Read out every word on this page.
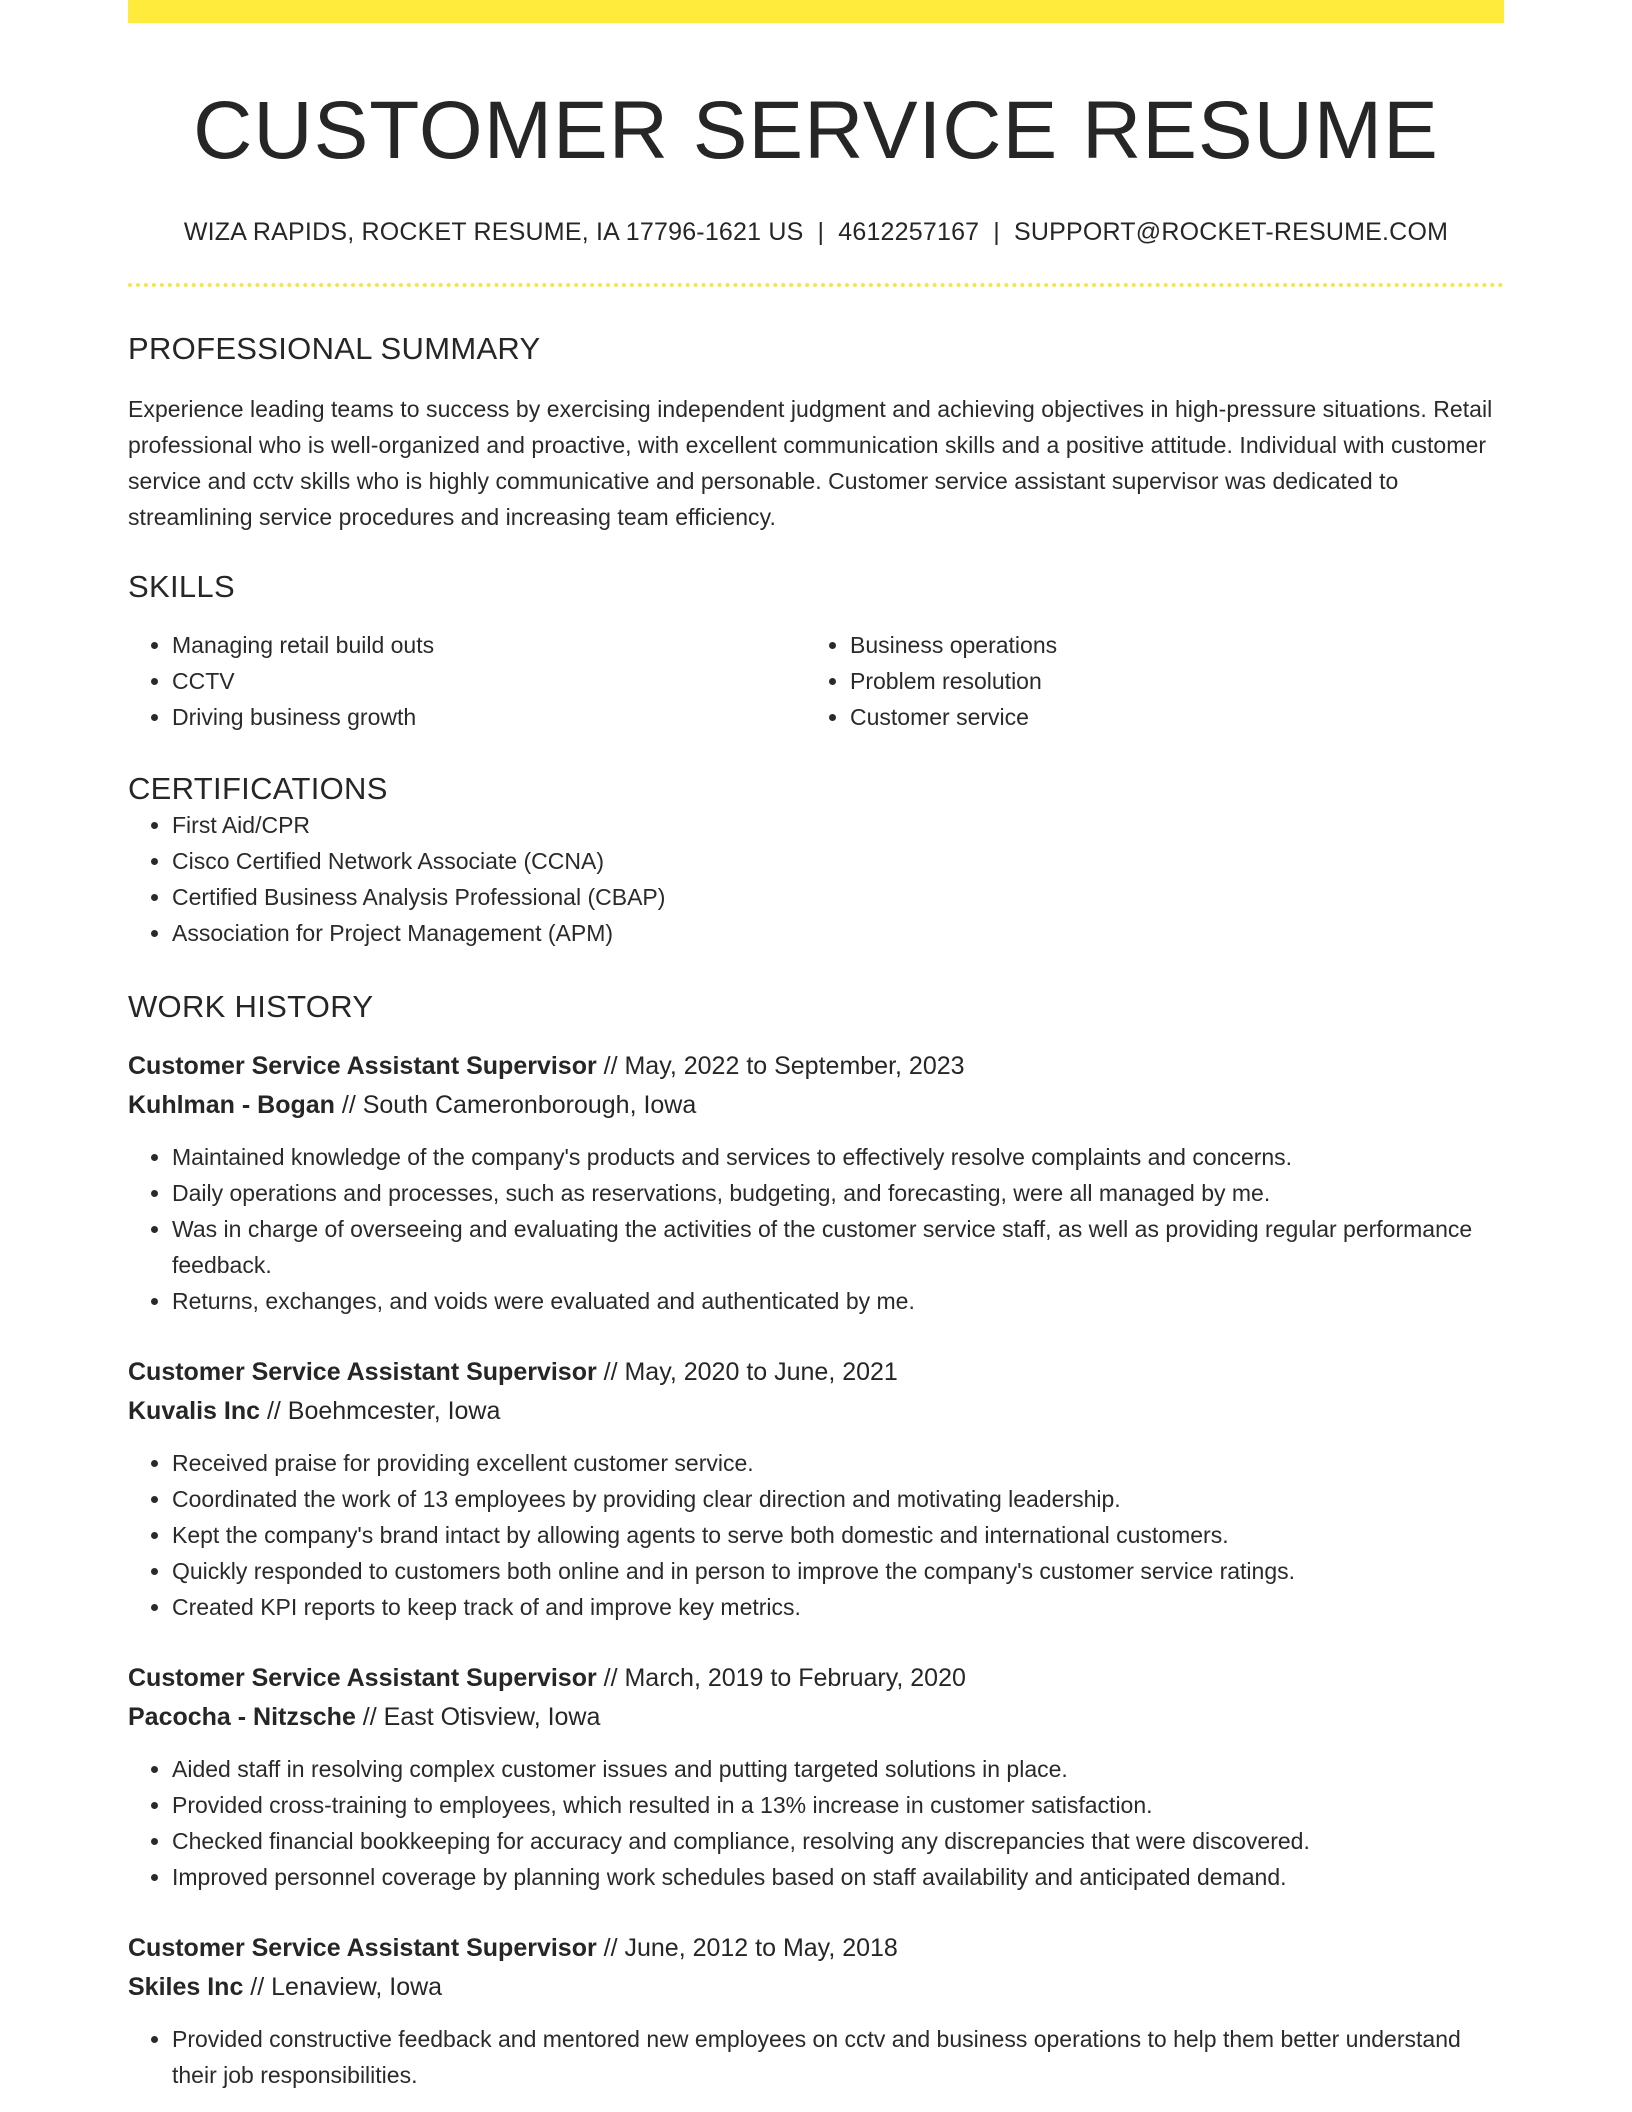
CUSTOMER SERVICE RESUME
WIZA RAPIDS, ROCKET RESUME, IA 17796-1621 US | 4612257167 | SUPPORT@ROCKET-RESUME.COM
PROFESSIONAL SUMMARY

Experience leading teams to success by exercising independent judgment and achieving objectives in high-pressure situations. Retail professional who is well-organized and proactive, with excellent communication skills and a positive attitude. Individual with customer service and cctv skills who is highly communicative and personable. Customer service assistant supervisor was dedicated to streamlining service procedures and increasing team efficiency.

SKILLS
• Managing retail build outs
• CCTV
• Driving business growth
• Business operations
• Problem resolution
• Customer service
CERTIFICATIONS
• First Aid/CPR
• Cisco Certified Network Associate (CCNA)
• Certified Business Analysis Professional (CBAP)
• Association for Project Management (APM)
WORK HISTORY
Customer Service Assistant Supervisor // May, 2022 to September, 2023
Kuhlman - Bogan // South Cameronborough, Iowa
• Maintained knowledge of the company's products and services to effectively resolve complaints and concerns.
• Daily operations and processes, such as reservations, budgeting, and forecasting, were all managed by me.
• Was in charge of overseeing and evaluating the activities of the customer service staff, as well as providing regular performance feedback.
• Returns, exchanges, and voids were evaluated and authenticated by me.
Customer Service Assistant Supervisor // May, 2020 to June, 2021
Kuvalis Inc // Boehmcester, Iowa
• Received praise for providing excellent customer service.
• Coordinated the work of 13 employees by providing clear direction and motivating leadership.
• Kept the company's brand intact by allowing agents to serve both domestic and international customers.
• Quickly responded to customers both online and in person to improve the company's customer service ratings.
• Created KPI reports to keep track of and improve key metrics.
Customer Service Assistant Supervisor // March, 2019 to February, 2020
Pacocha - Nitzsche // East Otisview, Iowa
• Aided staff in resolving complex customer issues and putting targeted solutions in place.
• Provided cross-training to employees, which resulted in a 13% increase in customer satisfaction.
• Checked financial bookkeeping for accuracy and compliance, resolving any discrepancies that were discovered.
• Improved personnel coverage by planning work schedules based on staff availability and anticipated demand.
Customer Service Assistant Supervisor // June, 2012 to May, 2018
Skiles Inc // Lenaview, Iowa
• Provided constructive feedback and mentored new employees on cctv and business operations to help them better understand their job responsibilities.
